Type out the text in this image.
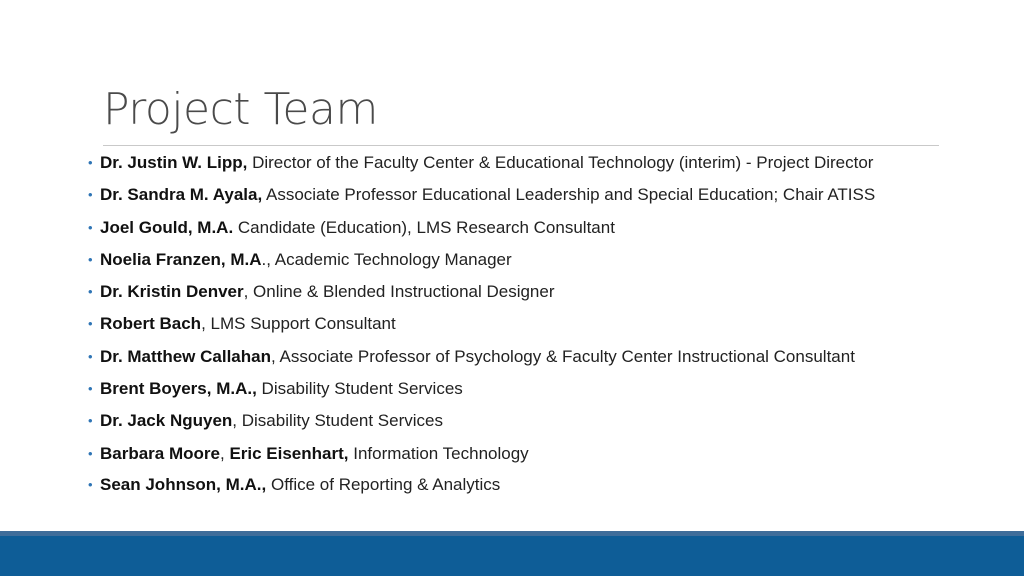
Project Team
• Dr. Justin W. Lipp, Director of the Faculty Center & Educational Technology (interim) - Project Director
• Dr. Sandra M. Ayala, Associate Professor Educational Leadership and Special Education; Chair ATISS
• Joel Gould, M.A. Candidate (Education), LMS Research Consultant
• Noelia Franzen, M.A., Academic Technology Manager
• Dr. Kristin Denver, Online & Blended Instructional Designer
• Robert Bach, LMS Support Consultant
• Dr. Matthew Callahan, Associate Professor of Psychology & Faculty Center Instructional Consultant
• Brent Boyers, M.A., Disability Student Services
• Dr. Jack Nguyen, Disability Student Services
• Barbara Moore, Eric Eisenhart, Information Technology
• Sean Johnson, M.A., Office of Reporting & Analytics
